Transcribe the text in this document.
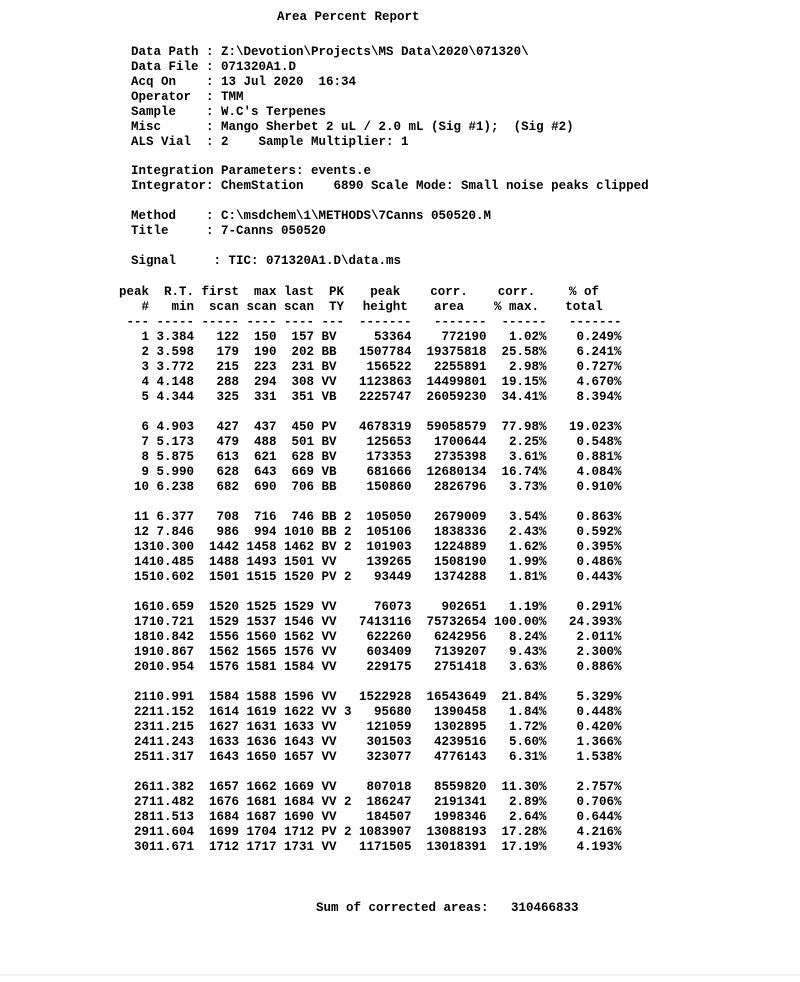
Area Percent Report
Data Path : Z:\Devotion\Projects\MS Data\2020\071320\
Data File : 071320A1.D
Acq On : 13 Jul 2020  16:34
Operator : TMM
Sample : W.C's Terpenes
Misc	: Mango Sherbet 2 uL / 2.0 mL (Sig #1);  (Sig #2)
ALS Vial : 2    Sample Multiplier: 1
Integration Parameters: events.e
Integrator: ChemStation    6890 Scale Mode: Small noise peaks clipped
Method : C:\msdchem\1\METHODS\7Canns 050520.M
Title	: 7-Canns 050520
Signal	: TIC: 071320A1.D\data.ms
peak	R.T.	first	max	last	PK	peak	corr.	corr.	% of
#	min	scan	scan	scan	TY	height	area	% max.	total
---	-----	-----	----	----	---	-------	-------	------	-------
1	3.384	122	150	157	BV	53364	772190	1.02%	0.249%
2	3.598	179	190	202	BB	1507784	19375818	25.58%	6.241%
3	3.772	215	223	231	BV	156522	2255891	2.98%	0.727%
4	4.148	288	294	308	VV	1123863	14499801	19.15%	4.670%
5	4.344	325	331	351	VB	2225747	26059230	34.41%	8.394%
6	4.903	427	437	450	PV	4678319	59058579	77.98%	19.023%
7	5.173	479	488	501	BV	125653	1700644	2.25%	0.548%
8	5.875	613	621	628	BV	173353	2735398	3.61%	0.881%
9	5.990	628	643	669	VB	681666	12680134	16.74%	4.084%
10	6.238	682	690	706	BB	150860	2826796	3.73%	0.910%
11	6.377	708	716	746	BB 2	105050	2679009	3.54%	0.863%
12	7.846	986	994	1010	BB 2	105106	1838336	2.43%	0.592%
13	10.300	1442	1458	1462	BV 2	101903	1224889	1.62%	0.395%
14	10.485	1488	1493	1501	VV	139265	1508190	1.99%	0.486%
15	10.602	1501	1515	1520	PV 2	93449	1374288	1.81%	0.443%
16	10.659	1520	1525	1529	VV	76073	902651	1.19%	0.291%
17	10.721	1529	1537	1546	VV	7413116	75732654	100.00%	24.393%
18	10.842	1556	1560	1562	VV	622260	6242956	8.24%	2.011%
19	10.867	1562	1565	1576	VV	603409	7139207	9.43%	2.300%
20	10.954	1576	1581	1584	VV	229175	2751418	3.63%	0.886%
21	10.991	1584	1588	1596	VV	1522928	16543649	21.84%	5.329%
22	11.152	1614	1619	1622	VV 3	95680	1390458	1.84%	0.448%
23	11.215	1627	1631	1633	VV	121059	1302895	1.72%	0.420%
24	11.243	1633	1636	1643	VV	301503	4239516	5.60%	1.366%
25	11.317	1643	1650	1657	VV	323077	4776143	6.31%	1.538%
26	11.382	1657	1662	1669	VV	807018	8559820	11.30%	2.757%
27	11.482	1676	1681	1684	VV 2	186247	2191341	2.89%	0.706%
28	11.513	1684	1687	1690	VV	184507	1998346	2.64%	0.644%
29	11.604	1699	1704	1712	PV 2	1083907	13088193	17.28%	4.216%
30	11.671	1712	1717	1731	VV	1171505	13018391	17.19%	4.193%

Sum of corrected areas: 310466833
